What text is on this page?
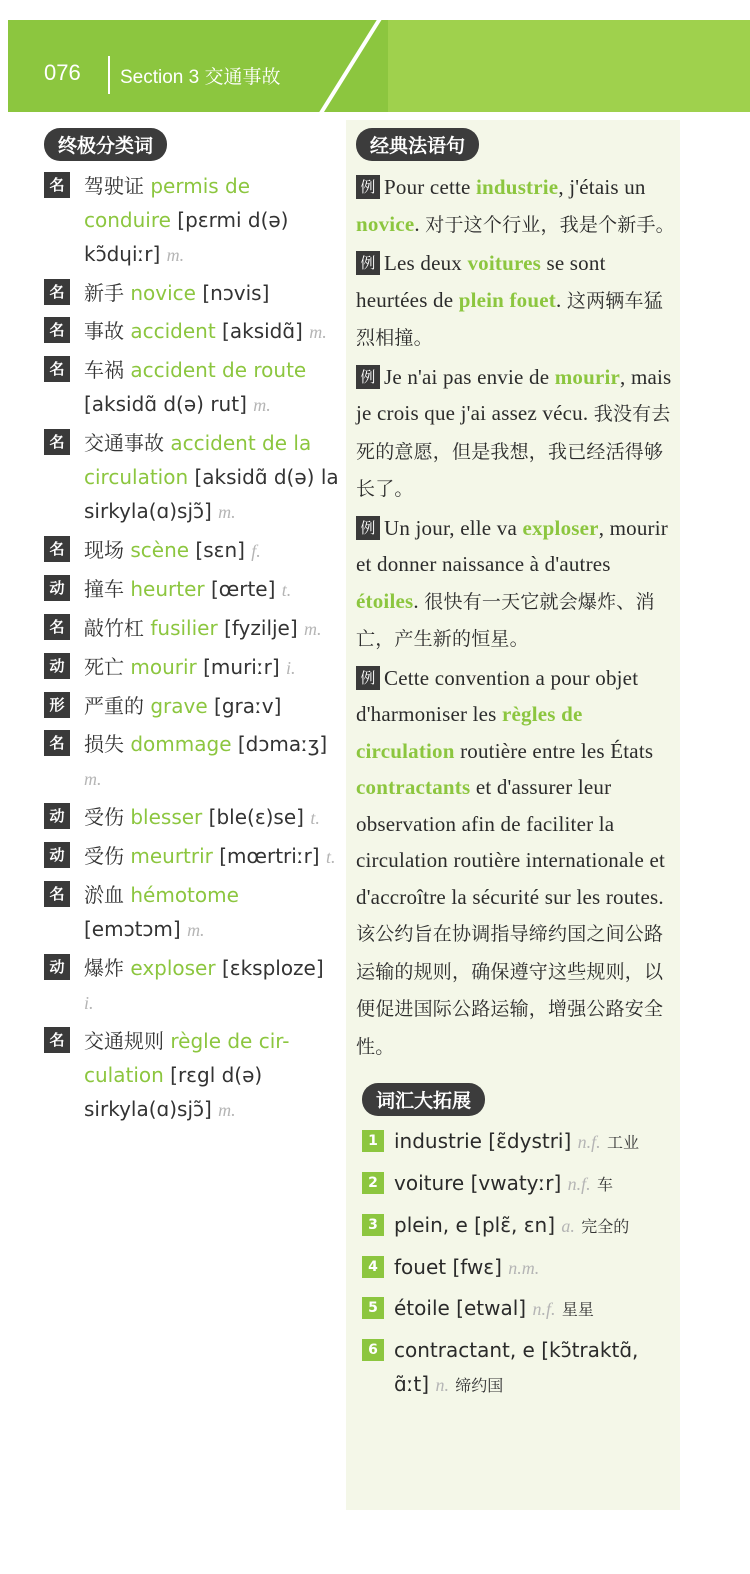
076 Section 3 交通事故
终极分类词
名 驾驶证 permis de conduire [pɛrmi d(ə) kɔ̃dɥiːr] m.
名 新手 novice [nɔvis]
名 事故 accident [aksidɑ̃] m.
名 车祸 accident de route [aksidɑ̃ d(ə) rut] m.
名 交通事故 accident de la circulation [aksidɑ̃ d(ə) la sirkyla(ɑ)sjɔ̃] m.
名 现场 scène [sɛn] f.
动 撞车 heurter [œrte] t.
名 敲竹杠 fusilier [fyzilje] m.
动 死亡 mourir [muriːr] i.
形 严重的 grave [graːv]
名 损失 dommage [dɔmaːʒ] m.
动 受伤 blesser [ble(ɛ)se] t.
动 受伤 meurtrir [mœrtriːr] t.
名 淤血 hémotome [emɔtɔm] m.
动 爆炸 exploser [ɛksploze] i.
名 交通规则 règle de cir-culation [rɛgl d(ə) sirkyla(ɑ)sjɔ̃] m.
经典法语句
例 Pour cette industrie, j'étais un novice. 对于这个行业，我是个新手。
例 Les deux voitures se sont heurtées de plein fouet. 这两辆车猛烈相撞。
例 Je n'ai pas envie de mourir, mais je crois que j'ai assez vécu. 我没有去死的意愿，但是我想，我已经活得够长了。
例 Un jour, elle va exploser, mourir et donner naissance à d'autres étoiles. 很快有一天它就会爆炸、消亡，产生新的恒星。
例 Cette convention a pour objet d'harmoniser les règles de circulation routière entre les États contractants et d'assurer leur observation afin de faciliter la circulation routière internationale et d'accroître la sécurité sur les routes. 该公约旨在协调指导缔约国之间公路运输的规则，确保遵守这些规则，以便促进国际公路运输，增强公路安全性。
词汇大拓展
1 industrie [ɛ̃dystri] n.f. 工业
2 voiture [vwatyːr] n.f. 车
3 plein, e [plɛ̃, ɛn] a. 完全的
4 fouet [fwɛ] n.m.
5 étoile [etwal] n.f. 星星
6 contractant, e [kɔ̃traktɑ̃, ɑ̃ːt] n. 缔约国
